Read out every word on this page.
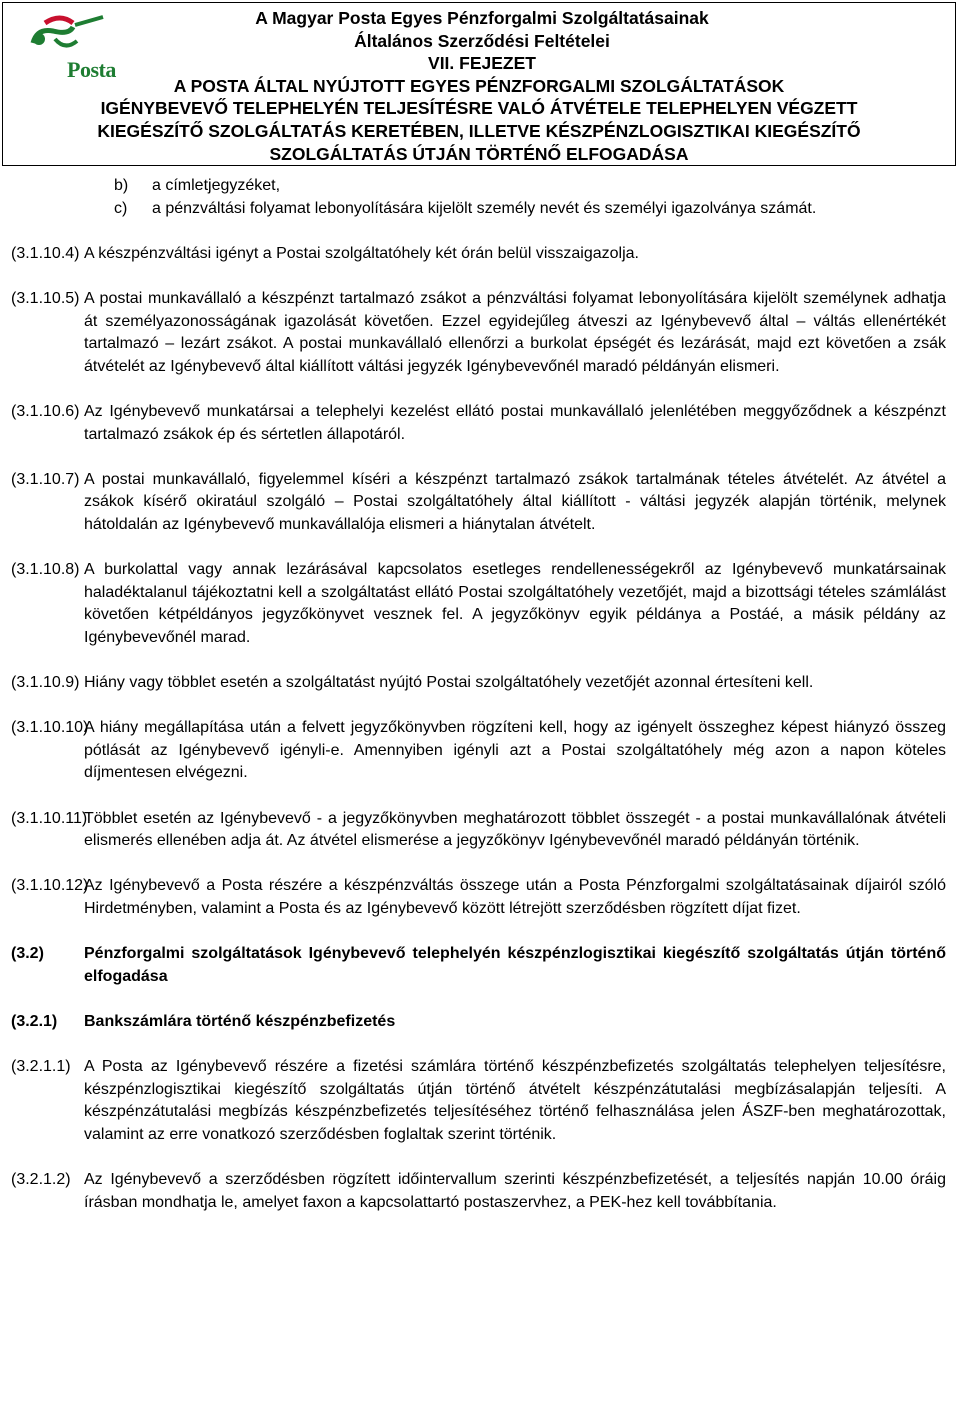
Posta
A Magyar Posta Egyes Pénzforgalmi Szolgáltatásainak
Általános Szerződési Feltételei
VII. FEJEZET
A POSTA ÁLTAL NYÚJTOTT EGYES PÉNZFORGALMI SZOLGÁLTATÁSOK
IGÉNYBEVEVŐ TELEPHELYÉN TELJESÍTÉSRE VALÓ ÁTVÉTELE TELEPHELYEN VÉGZETT
KIEGÉSZÍTŐ SZOLGÁLTATÁS KERETÉBEN, ILLETVE KÉSZPÉNZLOGISZTIKAI KIEGÉSZÍTŐ
SZOLGÁLTATÁS ÚTJÁN TÖRTÉNŐ ELFOGADÁSA
b)	a címletjegyzéket,
c)	a pénzváltási folyamat lebonyolítására kijelölt személy nevét és személyi igazolványa számát.
(3.1.10.4) A készpénzváltási igényt a Postai szolgáltatóhely két órán belül visszaigazolja.
(3.1.10.5) A postai munkavállaló a készpénzt tartalmazó zsákot a pénzváltási folyamat lebonyolítására kijelölt személynek adhatja át személyazonosságának igazolását követően. Ezzel egyidejűleg átveszi az Igénybevevő által – váltás ellenértékét tartalmazó – lezárt zsákot. A postai munkavállaló ellenőrzi a burkolat épségét és lezárását, majd ezt követően a zsák átvételét az Igénybevevő által kiállított váltási jegyzék Igénybevevőnél maradó példányán elismeri.
(3.1.10.6) Az Igénybevevő munkatársai a telephelyi kezelést ellátó postai munkavállaló jelenlétében meggyőződnek a készpénzt tartalmazó zsákok ép és sértetlen állapotáról.
(3.1.10.7) A postai munkavállaló, figyelemmel kíséri a készpénzt tartalmazó zsákok tartalmának tételes átvételét. Az átvétel a zsákok kísérő okiratául szolgáló – Postai szolgáltatóhely által kiállított - váltási jegyzék alapján történik, melynek hátoldalán az Igénybevevő munkavállalója elismeri a hiánytalan átvételt.
(3.1.10.8) A burkolattal vagy annak lezárásával kapcsolatos esetleges rendellenességekről az Igénybevevő munkatársainak haladéktalanul tájékoztatni kell a szolgáltatást ellátó Postai szolgáltatóhely vezetőjét, majd a bizottsági tételes számlálást követően kétpéldányos jegyzőkönyvet vesznek fel. A jegyzőkönyv egyik példánya a Postáé, a másik példány az Igénybevevőnél marad.
(3.1.10.9) Hiány vagy többlet esetén a szolgáltatást nyújtó Postai szolgáltatóhely vezetőjét azonnal értesíteni kell.
(3.1.10.10)
A hiány megállapítása után a felvett jegyzőkönyvben rögzíteni kell, hogy az igényelt összeghez képest hiányzó összeg pótlását az Igénybevevő igényli-e. Amennyiben igényli azt a Postai szolgáltatóhely még azon a napon köteles díjmentesen elvégezni.
(3.1.10.11)
Többlet esetén az Igénybevevő - a jegyzőkönyvben meghatározott többlet összegét - a postai munkavállalónak átvételi elismerés ellenében adja át. Az átvétel elismerése a jegyzőkönyv Igénybevevőnél maradó példányán történik.
(3.1.10.12)
Az Igénybevevő a Posta részére a készpénzváltás összege után a Posta Pénzforgalmi szolgáltatásainak díjairól szóló Hirdetményben, valamint a Posta és az Igénybevevő között létrejött szerződésben rögzített díjat fizet.
(3.2)	Pénzforgalmi szolgáltatások Igénybevevő telephelyén készpénzlogisztikai kiegészítő szolgáltatás útján történő elfogadása
(3.2.1) Bankszámlára történő készpénzbefizetés
(3.2.1.1) A Posta az Igénybevevő részére a fizetési számlára történő készpénzbefizetés szolgáltatás telephelyen teljesítésre, készpénzlogisztikai kiegészítő szolgáltatás útján történő átvételt készpénzátutalási megbízásalapján teljesíti. A készpénzátutalási megbízás készpénzbefizetés teljesítéséhez történő felhasználása jelen ÁSZF-ben meghatározottak, valamint az erre vonatkozó szerződésben foglaltak szerint történik.
(3.2.1.2) Az Igénybevevő a szerződésben rögzített időintervallum szerinti készpénzbefizetését, a teljesítés napján 10.00 óráig írásban mondhatja le, amelyet faxon a kapcsolattartó postaszervhez, a PEK-hez kell továbbítania.
